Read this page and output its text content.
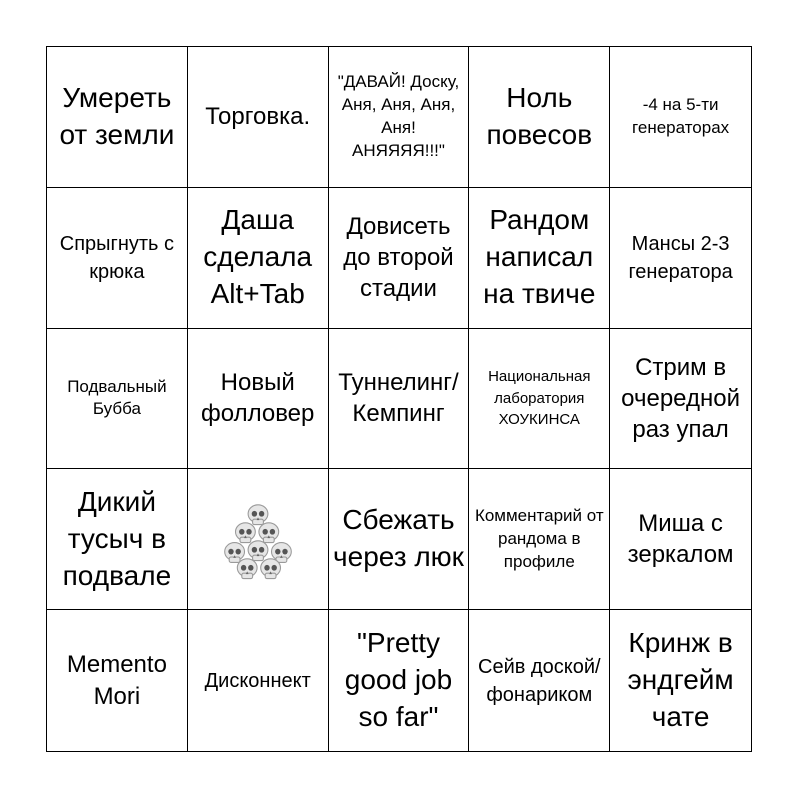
Умереть от земли
Торговка.
"ДАВАЙ! Доску, Аня, Аня, Аня, Аня! АНЯЯЯЯ!!!"
Ноль повесов
-4 на 5-ти генераторах
Спрыгнуть с крюка
Даша сделала Alt+Tab
Довисеть до второй стадии
Рандом написал на твиче
Мансы 2-3 генератора
Подвальный Бубба
Новый фолловер
Туннелинг/ Кемпинг
Национальная лаборатория ХОУКИНСА
Стрим в очередной раз упал
Дикий тусыч в подвале
Сбежать через люк
Комментарий от рандома в профиле
Миша с зеркалом
Memento Mori
Дисконнект
"Pretty good job so far"
Сейв доской/ фонариком
Кринж в эндгейм чате
